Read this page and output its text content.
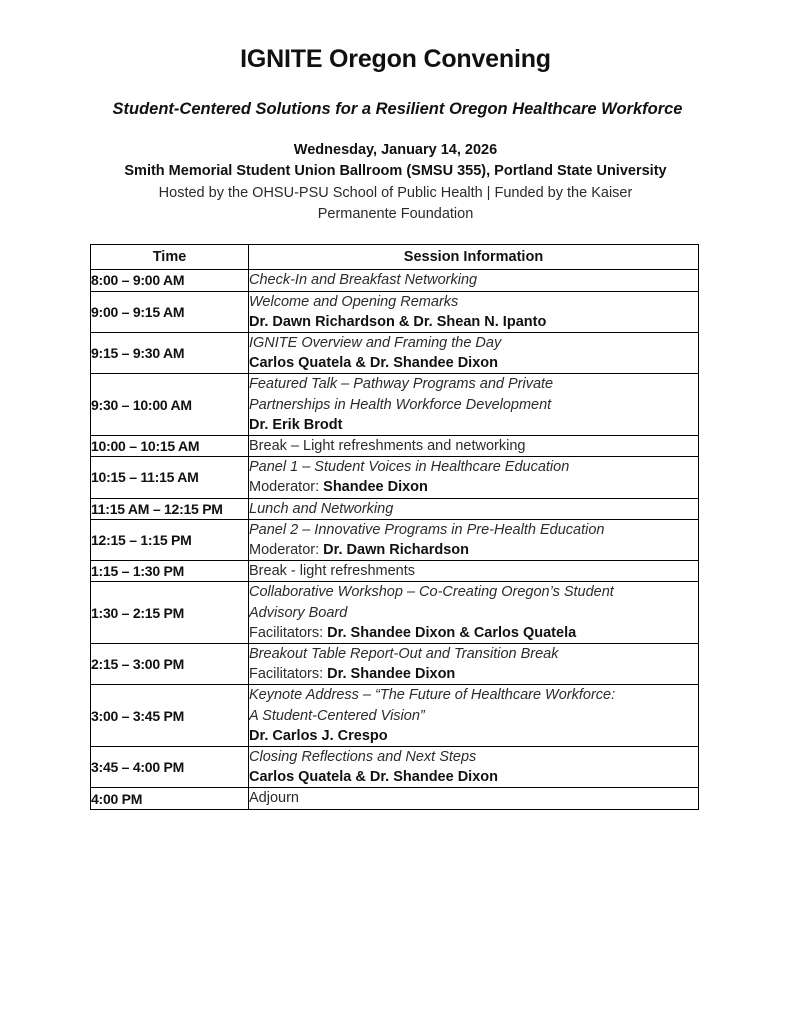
IGNITE Oregon Convening
Student-Centered Solutions for a Resilient Oregon Healthcare Workforce

Wednesday, January 14, 2026

Smith Memorial Student Union Ballroom (SMSU 355), Portland State University

Hosted by the OHSU-PSU School of Public Health | Funded by the Kaiser Permanente Foundation

Time	Session Information
8:00 – 9:00 AM	Check-In and Breakfast Networking

9:00 – 9:15 AM	Welcome and Opening Remarks
Dr. Dawn Richardson & Dr. Shean N. Ipanto

9:15 – 9:30 AM	IGNITE Overview and Framing the Day
Carlos Quatela & Dr. Shandee Dixon

9:30 – 10:00 AM	Featured Talk – Pathway Programs and Private
Partnerships in Health Workforce Development
Dr. Erik Brodt

10:00 – 10:15 AM	Break – Light refreshments and networking

10:15 – 11:15 AM	Panel 1 – Student Voices in Healthcare Education
Moderator: Shandee Dixon

11:15 AM – 12:15 PM	Lunch and Networking

12:15 – 1:15 PM	Panel 2 – Innovative Programs in Pre-Health Education
Moderator: Dr. Dawn Richardson

1:15 – 1:30 PM	Break - light refreshments

1:30 – 2:15 PM	Collaborative Workshop – Co-Creating Oregon’s Student
Advisory Board
Facilitators: Dr. Shandee Dixon & Carlos Quatela

2:15 – 3:00 PM	Breakout Table Report-Out and Transition Break
Facilitators: Dr. Shandee Dixon

3:00 – 3:45 PM	Keynote Address – “The Future of Healthcare Workforce:
A Student-Centered Vision”
Dr. Carlos J. Crespo

3:45 – 4:00 PM	Closing Reflections and Next Steps
Carlos Quatela & Dr. Shandee Dixon

4:00 PM	Adjourn
